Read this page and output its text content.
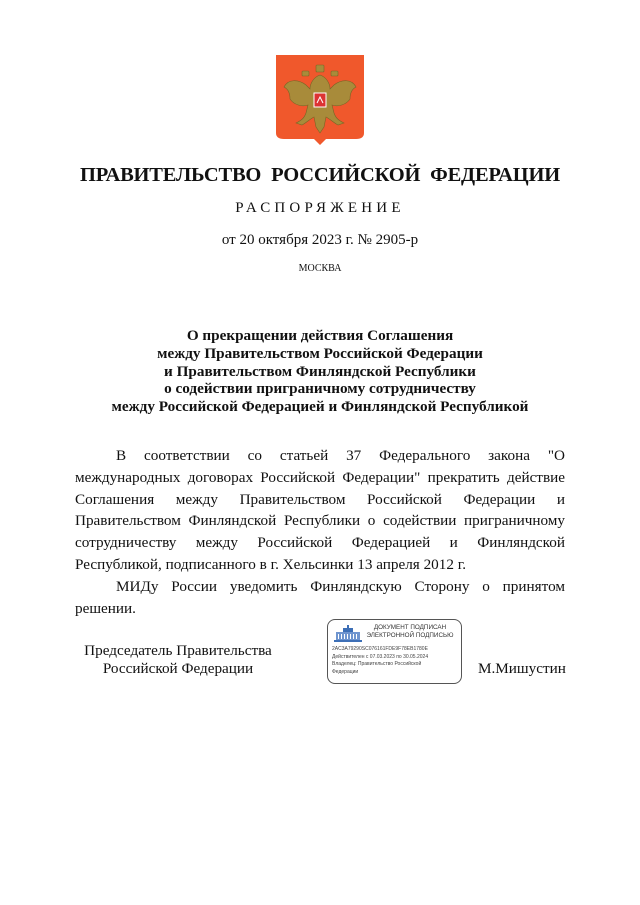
ПРАВИТЕЛЬСТВО РОССИЙСКОЙ ФЕДЕРАЦИИ
РАСПОРЯЖЕНИЕ
от 20 октября 2023 г. № 2905-р
МОСКВА
О прекращении действия Соглашения
между Правительством Российской Федерации
и Правительством Финляндской Республики
о содействии приграничному сотрудничеству
между Российской Федерацией и Финляндской Республикой

В соответствии со статьей 37 Федерального закона "О международных договорах Российской Федерации" прекратить действие Соглашения между Правительством Российской Федерации и Правительством Финляндской Республики о содействии приграничному сотрудничеству между Российской Федерацией и Финляндской Республикой, подписанного в г. Хельсинки 13 апреля 2012 г.

МИДу России уведомить Финляндскую Сторону о принятом решении.

Председатель Правительства
Российской Федерации
ДОКУМЕНТ ПОДПИСАН
ЭЛЕКТРОННОЙ ПОДПИСЬЮ
2AC3A79290SC076161FDE9F78EB1780E
Действителен с 07.03.2023 по 30.05.2024
Владелец: Правительство Российской
Федерации	М.Мишустин
